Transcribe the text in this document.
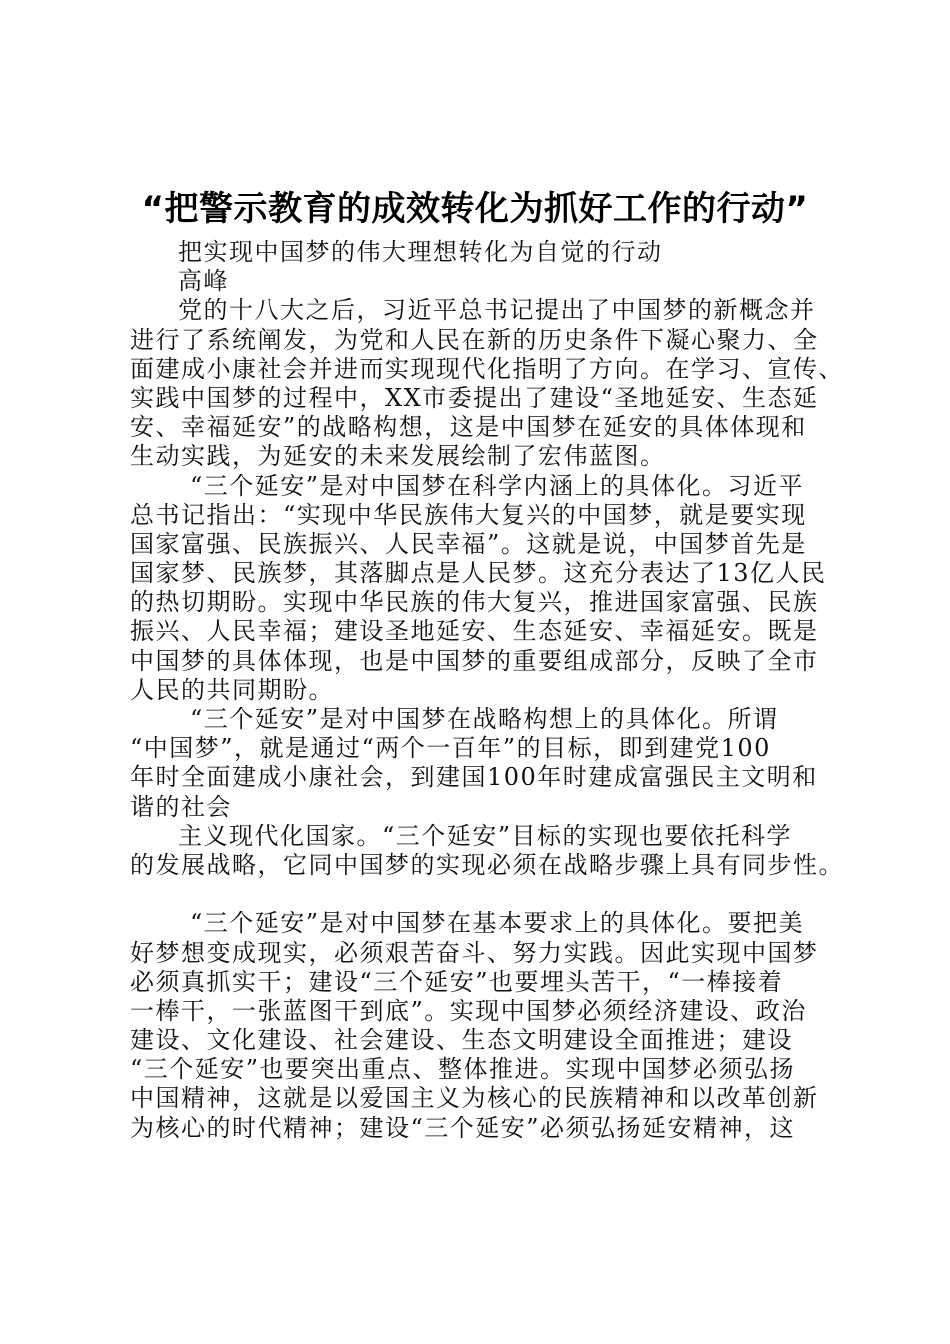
“把警示教育的成效转化为抓好工作的行动”
把实现中国梦的伟大理想转化为自觉的行动
高峰
党的十八大之后，习近平总书记提出了中国梦的新概念并
进行了系统阐发，为党和人民在新的历史条件下凝心聚力、全
面建成小康社会并进而实现现代化指明了方向。在学习、宣传、
实践中国梦的过程中，XX市委提出了建设“圣地延安、生态延
安、幸福延安”的战略构想，这是中国梦在延安的具体体现和
生动实践，为延安的未来发展绘制了宏伟蓝图。
“三个延安”是对中国梦在科学内涵上的具体化。习近平
总书记指出：“实现中华民族伟大复兴的中国梦，就是要实现
国家富强、民族振兴、人民幸福”。这就是说，中国梦首先是
国家梦、民族梦，其落脚点是人民梦。这充分表达了13亿人民
的热切期盼。实现中华民族的伟大复兴，推进国家富强、民族
振兴、人民幸福；建设圣地延安、生态延安、幸福延安。既是
中国梦的具体体现，也是中国梦的重要组成部分，反映了全市
人民的共同期盼。
“三个延安”是对中国梦在战略构想上的具体化。所谓
“中国梦”，就是通过“两个一百年”的目标，即到建党100
年时全面建成小康社会，到建国100年时建成富强民主文明和
谐的社会
主义现代化国家。“三个延安”目标的实现也要依托科学
的发展战略，它同中国梦的实现必须在战略步骤上具有同步性。
“三个延安”是对中国梦在基本要求上的具体化。要把美
好梦想变成现实，必须艰苦奋斗、努力实践。因此实现中国梦
必须真抓实干；建设“三个延安”也要埋头苦干，“一棒接着
一棒干，一张蓝图干到底”。实现中国梦必须经济建设、政治
建设、文化建设、社会建设、生态文明建设全面推进；建设
“三个延安”也要突出重点、整体推进。实现中国梦必须弘扬
中国精神，这就是以爱国主义为核心的民族精神和以改革创新
为核心的时代精神；建设“三个延安”必须弘扬延安精神，这
